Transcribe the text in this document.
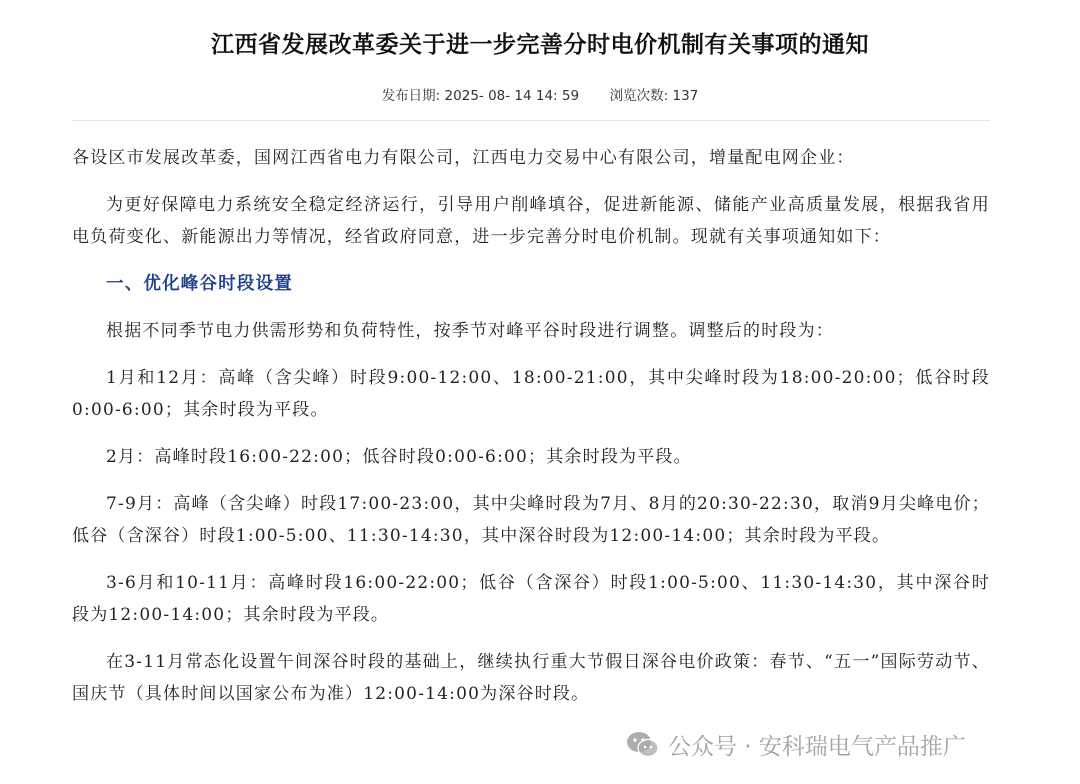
江西省发展改革委关于进一步完善分时电价机制有关事项的通知
发布日期: 2025- 08- 14 14: 59 浏览次数: 137

各设区市发展改革委，国网江西省电力有限公司，江西电力交易中心有限公司，增量配电网企业：

为更好保障电力系统安全稳定经济运行，引导用户削峰填谷，促进新能源、储能产业高质量发展，根据我省用电负荷变化、新能源出力等情况，经省政府同意，进一步完善分时电价机制。现就有关事项通知如下：

一、优化峰谷时段设置

根据不同季节电力供需形势和负荷特性，按季节对峰平谷时段进行调整。调整后的时段为：

1月和12月：高峰（含尖峰）时段9:00-12:00、18:00-21:00，其中尖峰时段为18:00-20:00；低谷时段0:00-6:00；其余时段为平段。

2月：高峰时段16:00-22:00；低谷时段0:00-6:00；其余时段为平段。

7-9月：高峰（含尖峰）时段17:00-23:00，其中尖峰时段为7月、8月的20:30-22:30，取消9月尖峰电价；低谷（含深谷）时段1:00-5:00、11:30-14:30，其中深谷时段为12:00-14:00；其余时段为平段。

3-6月和10-11月：高峰时段16:00-22:00；低谷（含深谷）时段1:00-5:00、11:30-14:30，其中深谷时段为12:00-14:00；其余时段为平段。

在3-11月常态化设置午间深谷时段的基础上，继续执行重大节假日深谷电价政策：春节、“五一”国际劳动节、国庆节（具体时间以国家公布为准）12:00-14:00为深谷时段。

公众号 · 安科瑞电气产品推广
